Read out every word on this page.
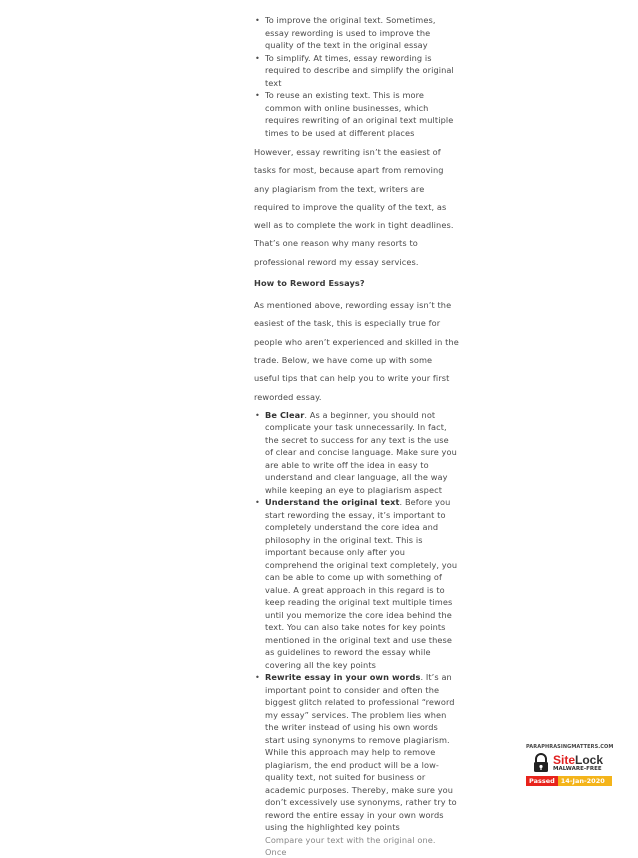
• To improve the original text. Sometimes, essay rewording is used to improve the quality of the text in the original essay
• To simplify. At times, essay rewording is required to describe and simplify the original text
• To reuse an existing text. This is more common with online businesses, which requires rewriting of an original text multiple times to be used at different places

However, essay rewriting isn’t the easiest of tasks for most, because apart from removing any plagiarism from the text, writers are required to improve the quality of the text, as well as to complete the work in tight deadlines. That’s one reason why many resorts to professional reword my essay services.

How to Reword Essays?

As mentioned above, rewording essay isn’t the easiest of the task, this is especially true for people who aren’t experienced and skilled in the trade. Below, we have come up with some useful tips that can help you to write your first reworded essay.

• Be Clear. As a beginner, you should not complicate your task unnecessarily. In fact, the secret to success for any text is the use of clear and concise language. Make sure you are able to write off the idea in easy to understand and clear language, all the way while keeping an eye to plagiarism aspect
• Understand the original text. Before you start rewording the essay, it’s important to completely understand the core idea and philosophy in the original text. This is important because only after you comprehend the original text completely, you can be able to come up with something of value. A great approach in this regard is to keep reading the original text multiple times until you memorize the core idea behind the text. You can also take notes for key points mentioned in the original text and use these as guidelines to reword the essay while covering all the key points
• Rewrite essay in your own words. It’s an important point to consider and often the biggest glitch related to professional “reword my essay” services. The problem lies when the writer instead of using his own words start using synonyms to remove plagiarism. While this approach may help to remove plagiarism, the end product will be a low-quality text, not suited for business or academic purposes. Thereby, make sure you don’t excessively use synonyms, rather try to reword the entire essay in your own words using the highlighted key points
Compare your text with the original one. Once
PARAPHRASINGMATTERS.COM
SiteLock
MALWARE-FREE
Passed 14-Jan-2020
